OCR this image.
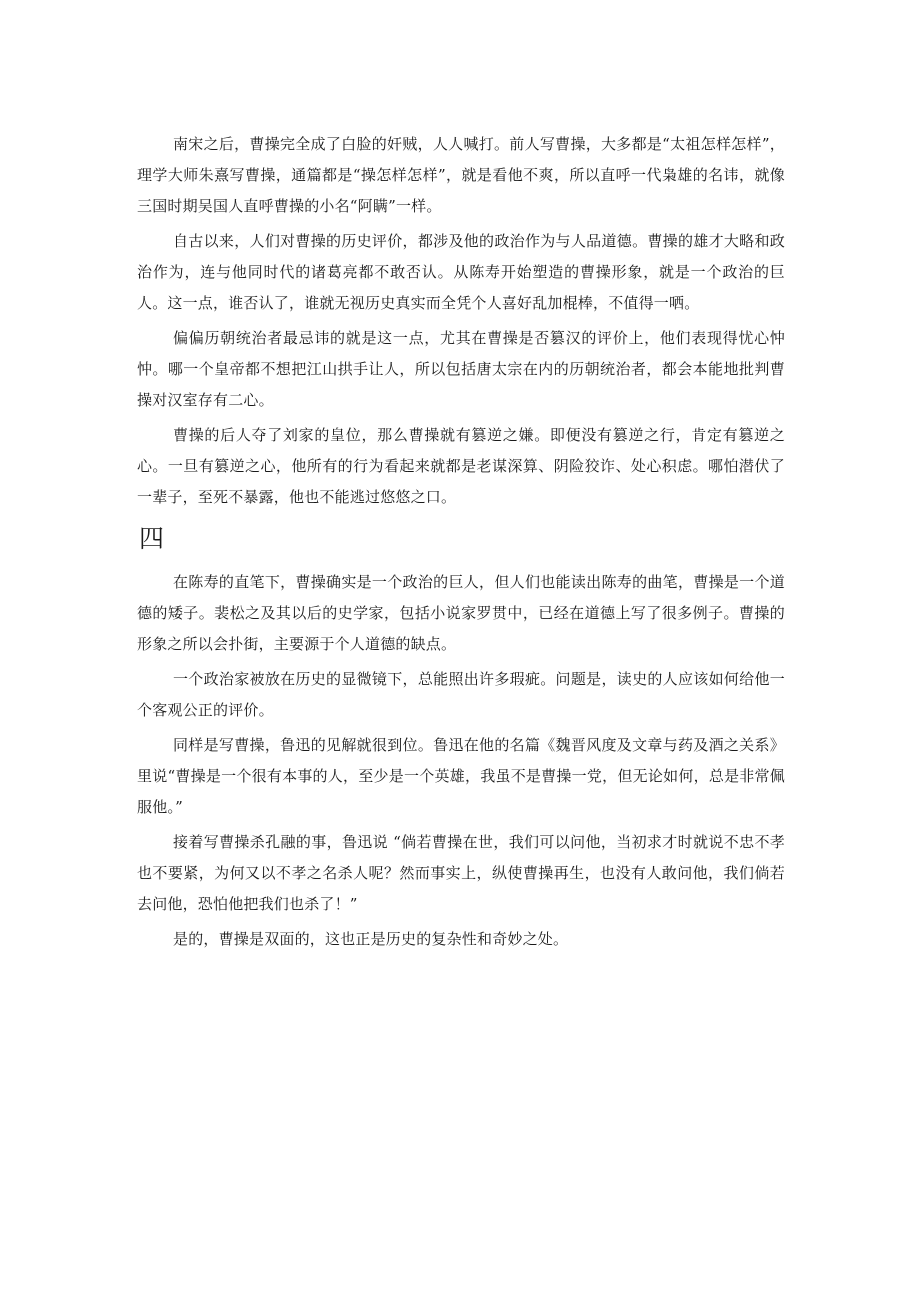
南宋之后，曹操完全成了白脸的奸贼，人人喊打。前人写曹操，大多都是“太祖怎样怎样”，理学大师朱熹写曹操，通篇都是“操怎样怎样”，就是看他不爽，所以直呼一代枭雄的名讳，就像三国时期吴国人直呼曹操的小名“阿瞒”一样。

自古以来，人们对曹操的历史评价，都涉及他的政治作为与人品道德。曹操的雄才大略和政治作为，连与他同时代的诸葛亮都不敢否认。从陈寿开始塑造的曹操形象，就是一个政治的巨人。这一点，谁否认了，谁就无视历史真实而全凭个人喜好乱加棍棒，不值得一哂。

偏偏历朝统治者最忌讳的就是这一点，尤其在曹操是否篡汉的评价上，他们表现得忧心忡忡。哪一个皇帝都不想把江山拱手让人，所以包括唐太宗在内的历朝统治者，都会本能地批判曹操对汉室存有二心。

曹操的后人夺了刘家的皇位，那么曹操就有篡逆之嫌。即便没有篡逆之行，肯定有篡逆之心。一旦有篡逆之心，他所有的行为看起来就都是老谋深算、阴险狡诈、处心积虑。哪怕潜伏了一辈子，至死不暴露，他也不能逃过悠悠之口。

四

在陈寿的直笔下，曹操确实是一个政治的巨人，但人们也能读出陈寿的曲笔，曹操是一个道德的矮子。裴松之及其以后的史学家，包括小说家罗贯中，已经在道德上写了很多例子。曹操的形象之所以会扑街，主要源于个人道德的缺点。

一个政治家被放在历史的显微镜下，总能照出许多瑕疵。问题是，读史的人应该如何给他一个客观公正的评价。

同样是写曹操，鲁迅的见解就很到位。鲁迅在他的名篇《魏晋风度及文章与药及酒之关系》里说“曹操是一个很有本事的人，至少是一个英雄，我虽不是曹操一党，但无论如何，总是非常佩服他。”

接着写曹操杀孔融的事，鲁迅说 “倘若曹操在世，我们可以问他，当初求才时就说不忠不孝也不要紧，为何又以不孝之名杀人呢？然而事实上，纵使曹操再生，也没有人敢问他，我们倘若去问他，恐怕他把我们也杀了！”

是的，曹操是双面的，这也正是历史的复杂性和奇妙之处。
